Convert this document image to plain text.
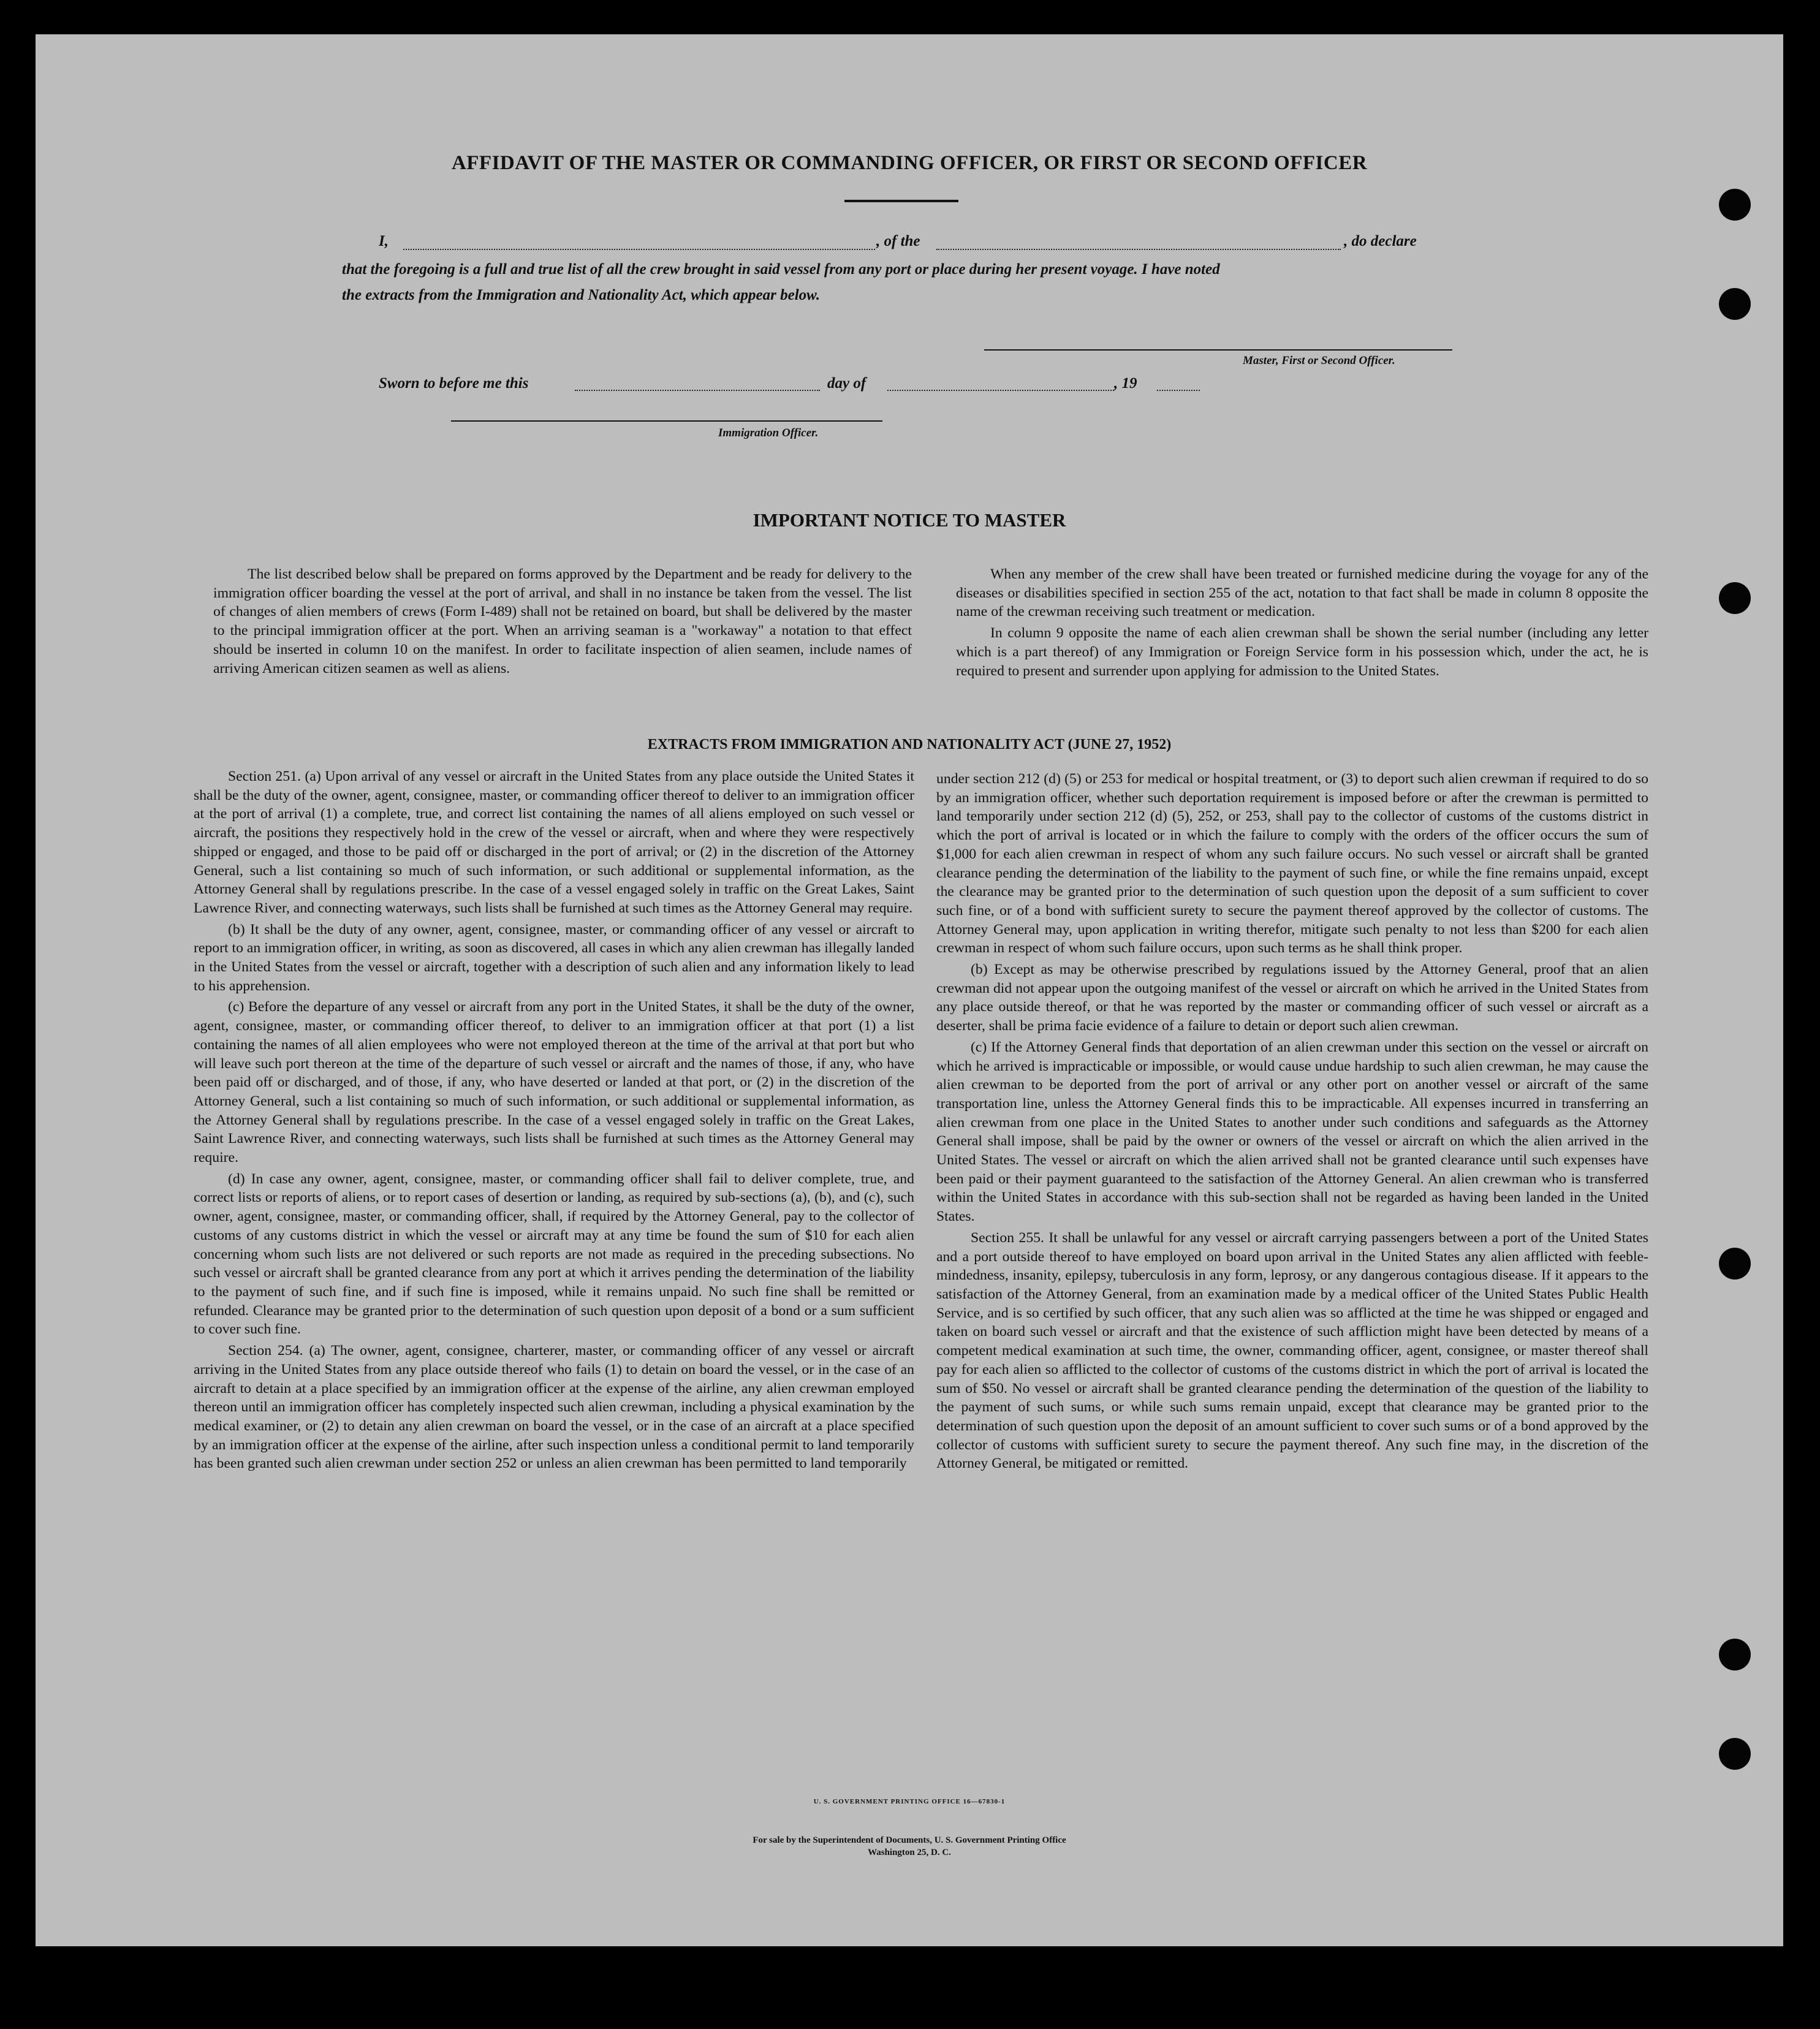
AFFIDAVIT OF THE MASTER OR COMMANDING OFFICER, OR FIRST OR SECOND OFFICER
I,	, of the	, do declare
that the foregoing is a full and true list of all the crew brought in said vessel from any port or place during her present voyage. I have noted
the extracts from the Immigration and Nationality Act, which appear below.
Master, First or Second Officer.
Sworn to before me this	day of	, 19
Immigration Officer.
IMPORTANT NOTICE TO MASTER

The list described below shall be prepared on forms approved by the Department and be ready for delivery to the immigration officer boarding the vessel at the port of arrival, and shall in no instance be taken from the vessel. The list of changes of alien members of crews (Form I-489) shall not be retained on board, but shall be delivered by the master to the principal immigration officer at the port. When an arriving seaman is a "workaway" a notation to that effect should be inserted in column 10 on the manifest. In order to facilitate inspection of alien seamen, include names of arriving American citizen seamen as well as aliens.

When any member of the crew shall have been treated or furnished medicine during the voyage for any of the diseases or disabilities specified in section 255 of the act, notation to that fact shall be made in column 8 opposite the name of the crewman receiving such treatment or medication.

In column 9 opposite the name of each alien crewman shall be shown the serial number (including any letter which is a part thereof) of any Immigration or Foreign Service form in his possession which, under the act, he is required to present and surrender upon applying for admission to the United States.

EXTRACTS FROM IMMIGRATION AND NATIONALITY ACT (JUNE 27, 1952)

Section 251. (a) Upon arrival of any vessel or aircraft in the United States from any place outside the United States it shall be the duty of the owner, agent, consignee, master, or commanding officer thereof to deliver to an immigration officer at the port of arrival (1) a complete, true, and correct list containing the names of all aliens employed on such vessel or aircraft, the positions they respectively hold in the crew of the vessel or aircraft, when and where they were respectively shipped or engaged, and those to be paid off or discharged in the port of arrival; or (2) in the discretion of the Attorney General, such a list containing so much of such information, or such additional or supplemental information, as the Attorney General shall by regulations prescribe. In the case of a vessel engaged solely in traffic on the Great Lakes, Saint Lawrence River, and connecting waterways, such lists shall be furnished at such times as the Attorney General may require.

(b) It shall be the duty of any owner, agent, consignee, master, or commanding officer of any vessel or aircraft to report to an immigration officer, in writing, as soon as discovered, all cases in which any alien crewman has illegally landed in the United States from the vessel or aircraft, together with a description of such alien and any information likely to lead to his apprehension.

(c) Before the departure of any vessel or aircraft from any port in the United States, it shall be the duty of the owner, agent, consignee, master, or commanding officer thereof, to deliver to an immigration officer at that port (1) a list containing the names of all alien employees who were not employed thereon at the time of the arrival at that port but who will leave such port thereon at the time of the departure of such vessel or aircraft and the names of those, if any, who have been paid off or discharged, and of those, if any, who have deserted or landed at that port, or (2) in the discretion of the Attorney General, such a list containing so much of such information, or such additional or supplemental information, as the Attorney General shall by regulations prescribe. In the case of a vessel engaged solely in traffic on the Great Lakes, Saint Lawrence River, and connecting waterways, such lists shall be furnished at such times as the Attorney General may require.

(d) In case any owner, agent, consignee, master, or commanding officer shall fail to deliver complete, true, and correct lists or reports of aliens, or to report cases of desertion or landing, as required by sub-sections (a), (b), and (c), such owner, agent, consignee, master, or commanding officer, shall, if required by the Attorney General, pay to the collector of customs of any customs district in which the vessel or aircraft may at any time be found the sum of $10 for each alien concerning whom such lists are not delivered or such reports are not made as required in the preceding subsections. No such vessel or aircraft shall be granted clearance from any port at which it arrives pending the determination of the liability to the payment of such fine, and if such fine is imposed, while it remains unpaid. No such fine shall be remitted or refunded. Clearance may be granted prior to the determination of such question upon deposit of a bond or a sum sufficient to cover such fine.

Section 254. (a) The owner, agent, consignee, charterer, master, or commanding officer of any vessel or aircraft arriving in the United States from any place outside thereof who fails (1) to detain on board the vessel, or in the case of an aircraft to detain at a place specified by an immigration officer at the expense of the airline, any alien crewman employed thereon until an immigration officer has completely inspected such alien crewman, including a physical examination by the medical examiner, or (2) to detain any alien crewman on board the vessel, or in the case of an aircraft at a place specified by an immigration officer at the expense of the airline, after such inspection unless a conditional permit to land temporarily has been granted such alien crewman under section 252 or unless an alien crewman has been permitted to land temporarily

under section 212 (d) (5) or 253 for medical or hospital treatment, or (3) to deport such alien crewman if required to do so by an immigration officer, whether such deportation requirement is imposed before or after the crewman is permitted to land temporarily under section 212 (d) (5), 252, or 253, shall pay to the collector of customs of the customs district in which the port of arrival is located or in which the failure to comply with the orders of the officer occurs the sum of $1,000 for each alien crewman in respect of whom any such failure occurs. No such vessel or aircraft shall be granted clearance pending the determination of the liability to the payment of such fine, or while the fine remains unpaid, except the clearance may be granted prior to the determination of such question upon the deposit of a sum sufficient to cover such fine, or of a bond with sufficient surety to secure the payment thereof approved by the collector of customs. The Attorney General may, upon application in writing therefor, mitigate such penalty to not less than $200 for each alien crewman in respect of whom such failure occurs, upon such terms as he shall think proper.

(b) Except as may be otherwise prescribed by regulations issued by the Attorney General, proof that an alien crewman did not appear upon the outgoing manifest of the vessel or aircraft on which he arrived in the United States from any place outside thereof, or that he was reported by the master or commanding officer of such vessel or aircraft as a deserter, shall be prima facie evidence of a failure to detain or deport such alien crewman.

(c) If the Attorney General finds that deportation of an alien crewman under this section on the vessel or aircraft on which he arrived is impracticable or impossible, or would cause undue hardship to such alien crewman, he may cause the alien crewman to be deported from the port of arrival or any other port on another vessel or aircraft of the same transportation line, unless the Attorney General finds this to be impracticable. All expenses incurred in transferring an alien crewman from one place in the United States to another under such conditions and safeguards as the Attorney General shall impose, shall be paid by the owner or owners of the vessel or aircraft on which the alien arrived in the United States. The vessel or aircraft on which the alien arrived shall not be granted clearance until such expenses have been paid or their payment guaranteed to the satisfaction of the Attorney General. An alien crewman who is transferred within the United States in accordance with this sub-section shall not be regarded as having been landed in the United States.

Section 255. It shall be unlawful for any vessel or aircraft carrying passengers between a port of the United States and a port outside thereof to have employed on board upon arrival in the United States any alien afflicted with feeble-mindedness, insanity, epilepsy, tuberculosis in any form, leprosy, or any dangerous contagious disease. If it appears to the satisfaction of the Attorney General, from an examination made by a medical officer of the United States Public Health Service, and is so certified by such officer, that any such alien was so afflicted at the time he was shipped or engaged and taken on board such vessel or aircraft and that the existence of such affliction might have been detected by means of a competent medical examination at such time, the owner, commanding officer, agent, consignee, or master thereof shall pay for each alien so afflicted to the collector of customs of the customs district in which the port of arrival is located the sum of $50. No vessel or aircraft shall be granted clearance pending the determination of the question of the liability to the payment of such sums, or while such sums remain unpaid, except that clearance may be granted prior to the determination of such question upon the deposit of an amount sufficient to cover such sums or of a bond approved by the collector of customs with sufficient surety to secure the payment thereof. Any such fine may, in the discretion of the Attorney General, be mitigated or remitted.

U. S. GOVERNMENT PRINTING OFFICE 16—67830-1
For sale by the Superintendent of Documents, U. S. Government Printing Office
Washington 25, D. C.
